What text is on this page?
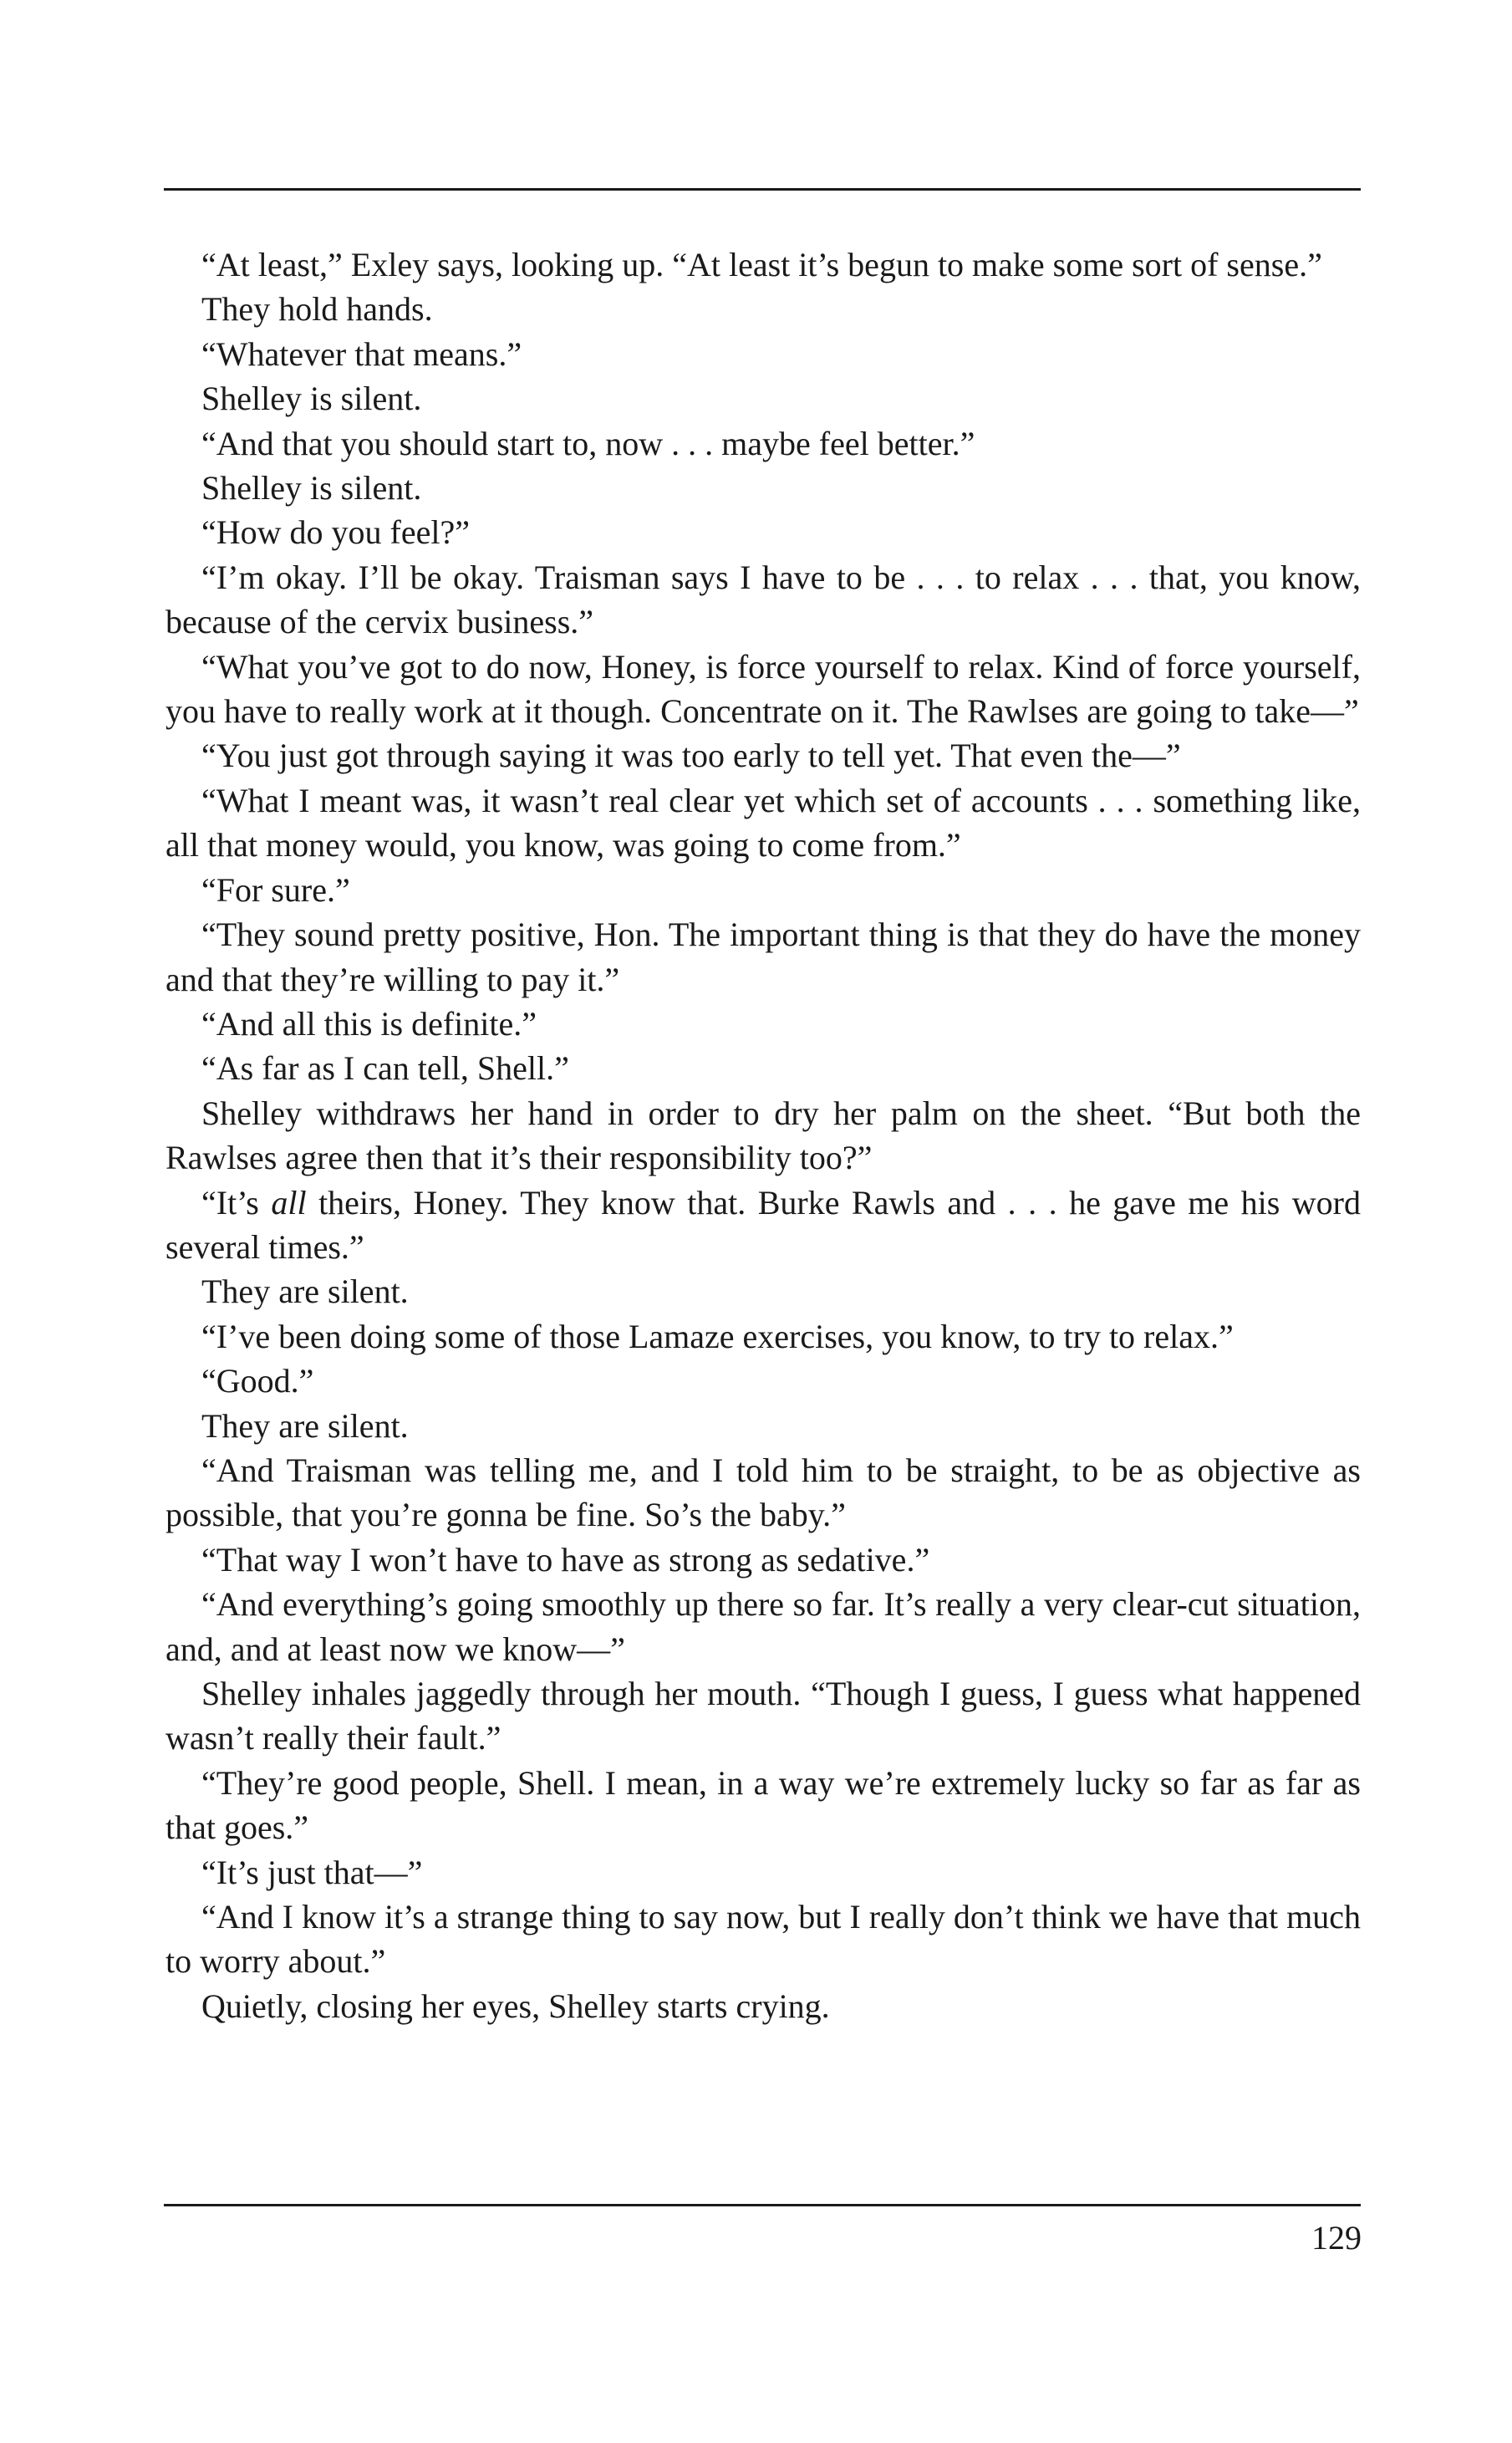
“At least,” Exley says, looking up. “At least it’s begun to make some sort of sense.”

They hold hands.

“Whatever that means.”

Shelley is silent.

“And that you should start to, now . . . maybe feel better.”

Shelley is silent.

“How do you feel?”

“I’m okay. I’ll be okay. Traisman says I have to be . . . to relax . . . that, you know, because of the cervix business.”

“What you’ve got to do now, Honey, is force yourself to relax. Kind of force yourself, you have to really work at it though. Concentrate on it. The Rawlses are going to take—”

“You just got through saying it was too early to tell yet. That even the—”

“What I meant was, it wasn’t real clear yet which set of accounts . . . something like, all that money would, you know, was going to come from.”

“For sure.”

“They sound pretty positive, Hon. The important thing is that they do have the money and that they’re willing to pay it.”

“And all this is definite.”

“As far as I can tell, Shell.”

Shelley withdraws her hand in order to dry her palm on the sheet. “But both the Rawlses agree then that it’s their responsibility too?”

“It’s all theirs, Honey. They know that. Burke Rawls and . . . he gave me his word several times.”

They are silent.

“I’ve been doing some of those Lamaze exercises, you know, to try to relax.”

“Good.”

They are silent.

“And Traisman was telling me, and I told him to be straight, to be as objective as possible, that you’re gonna be fine. So’s the baby.”

“That way I won’t have to have as strong as sedative.”

“And everything’s going smoothly up there so far. It’s really a very clear-cut situation, and, and at least now we know—”

Shelley inhales jaggedly through her mouth. “Though I guess, I guess what happened wasn’t really their fault.”

“They’re good people, Shell. I mean, in a way we’re extremely lucky so far as far as that goes.”

“It’s just that—”

“And I know it’s a strange thing to say now, but I really don’t think we have that much to worry about.”

Quietly, closing her eyes, Shelley starts crying.

129
